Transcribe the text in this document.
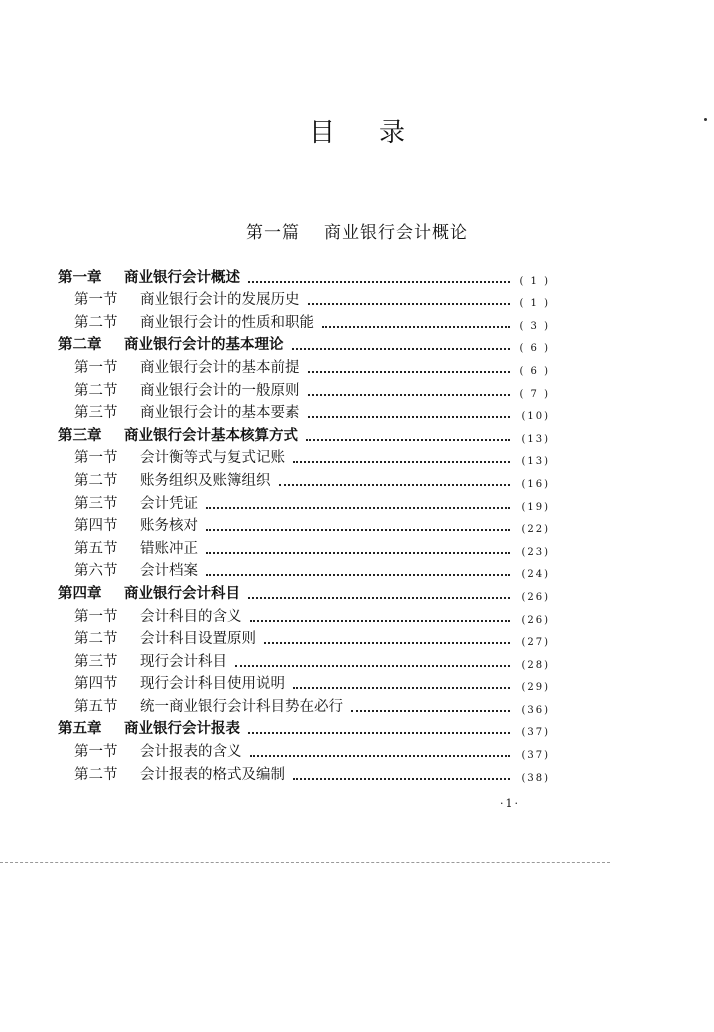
目录
第一篇 商业银行会计概论
第一章	商业银行会计概述	( 1 )
第一节	商业银行会计的发展历史	( 1 )
第二节	商业银行会计的性质和职能	( 3 )
第二章	商业银行会计的基本理论	( 6 )
第一节	商业银行会计的基本前提	( 6 )
第二节	商业银行会计的一般原则	( 7 )
第三节	商业银行会计的基本要素	(10)
第三章	商业银行会计基本核算方式	(13)
第一节	会计衡等式与复式记账	(13)
第二节	账务组织及账簿组织	(16)
第三节	会计凭证	(19)
第四节	账务核对	(22)
第五节	错账冲正	(23)
第六节	会计档案	(24)
第四章	商业银行会计科目	(26)
第一节	会计科目的含义	(26)
第二节	会计科目设置原则	(27)
第三节	现行会计科目	(28)
第四节	现行会计科目使用说明	(29)
第五节	统一商业银行会计科目势在必行	(36)
第五章	商业银行会计报表	(37)
第一节	会计报表的含义	(37)
第二节	会计报表的格式及编制	(38)
·1·
